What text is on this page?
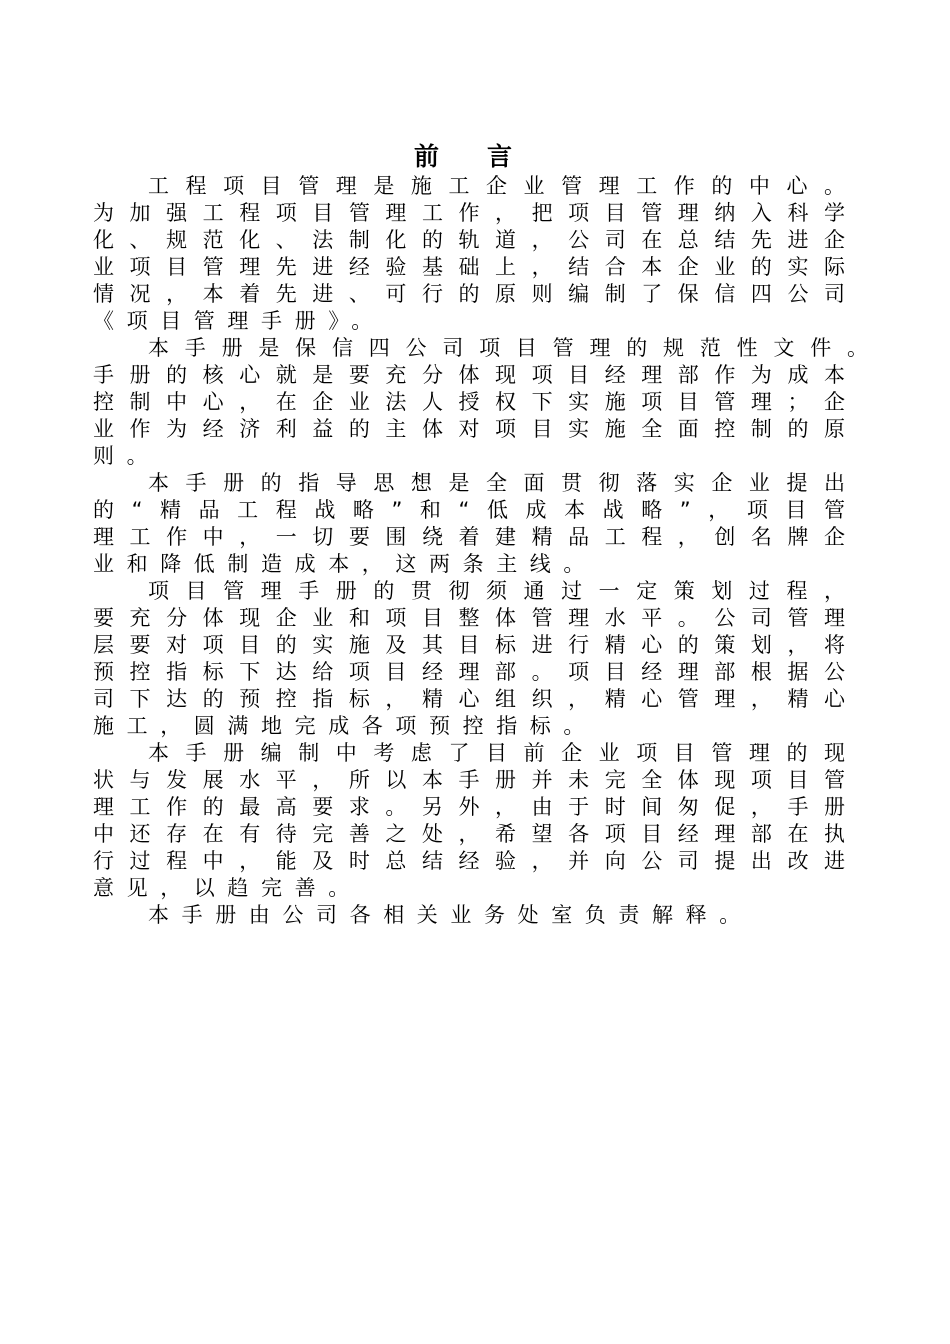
前言
工程项目管理是施工企业管理工作的中心。
为加强工程项目管理工作，把项目管理纳入科学
化、规范化、法制化的轨道，公司在总结先进企
业项目管理先进经验基础上，结合本企业的实际
情况，本着先进、可行的原则编制了保信四公司
《项目管理手册》。
本手册是保信四公司项目管理的规范性文件。
手册的核心就是要充分体现项目经理部作为成本
控制中心，在企业法人授权下实施项目管理；企
业作为经济利益的主体对项目实施全面控制的原
则。
本手册的指导思想是全面贯彻落实企业提出
的“精品工程战略”和“低成本战略”，项目管
理工作中，一切要围绕着建精品工程，创名牌企
业和降低制造成本，这两条主线。
项目管理手册的贯彻须通过一定策划过程，
要充分体现企业和项目整体管理水平。公司管理
层要对项目的实施及其目标进行精心的策划，将
预控指标下达给项目经理部。项目经理部根据公
司下达的预控指标，精心组织，精心管理，精心
施工，圆满地完成各项预控指标。
本手册编制中考虑了目前企业项目管理的现
状与发展水平，所以本手册并未完全体现项目管
理工作的最高要求。另外，由于时间匆促，手册
中还存在有待完善之处，希望各项目经理部在执
行过程中，能及时总结经验，并向公司提出改进
意见，以趋完善。
本手册由公司各相关业务处室负责解释。
